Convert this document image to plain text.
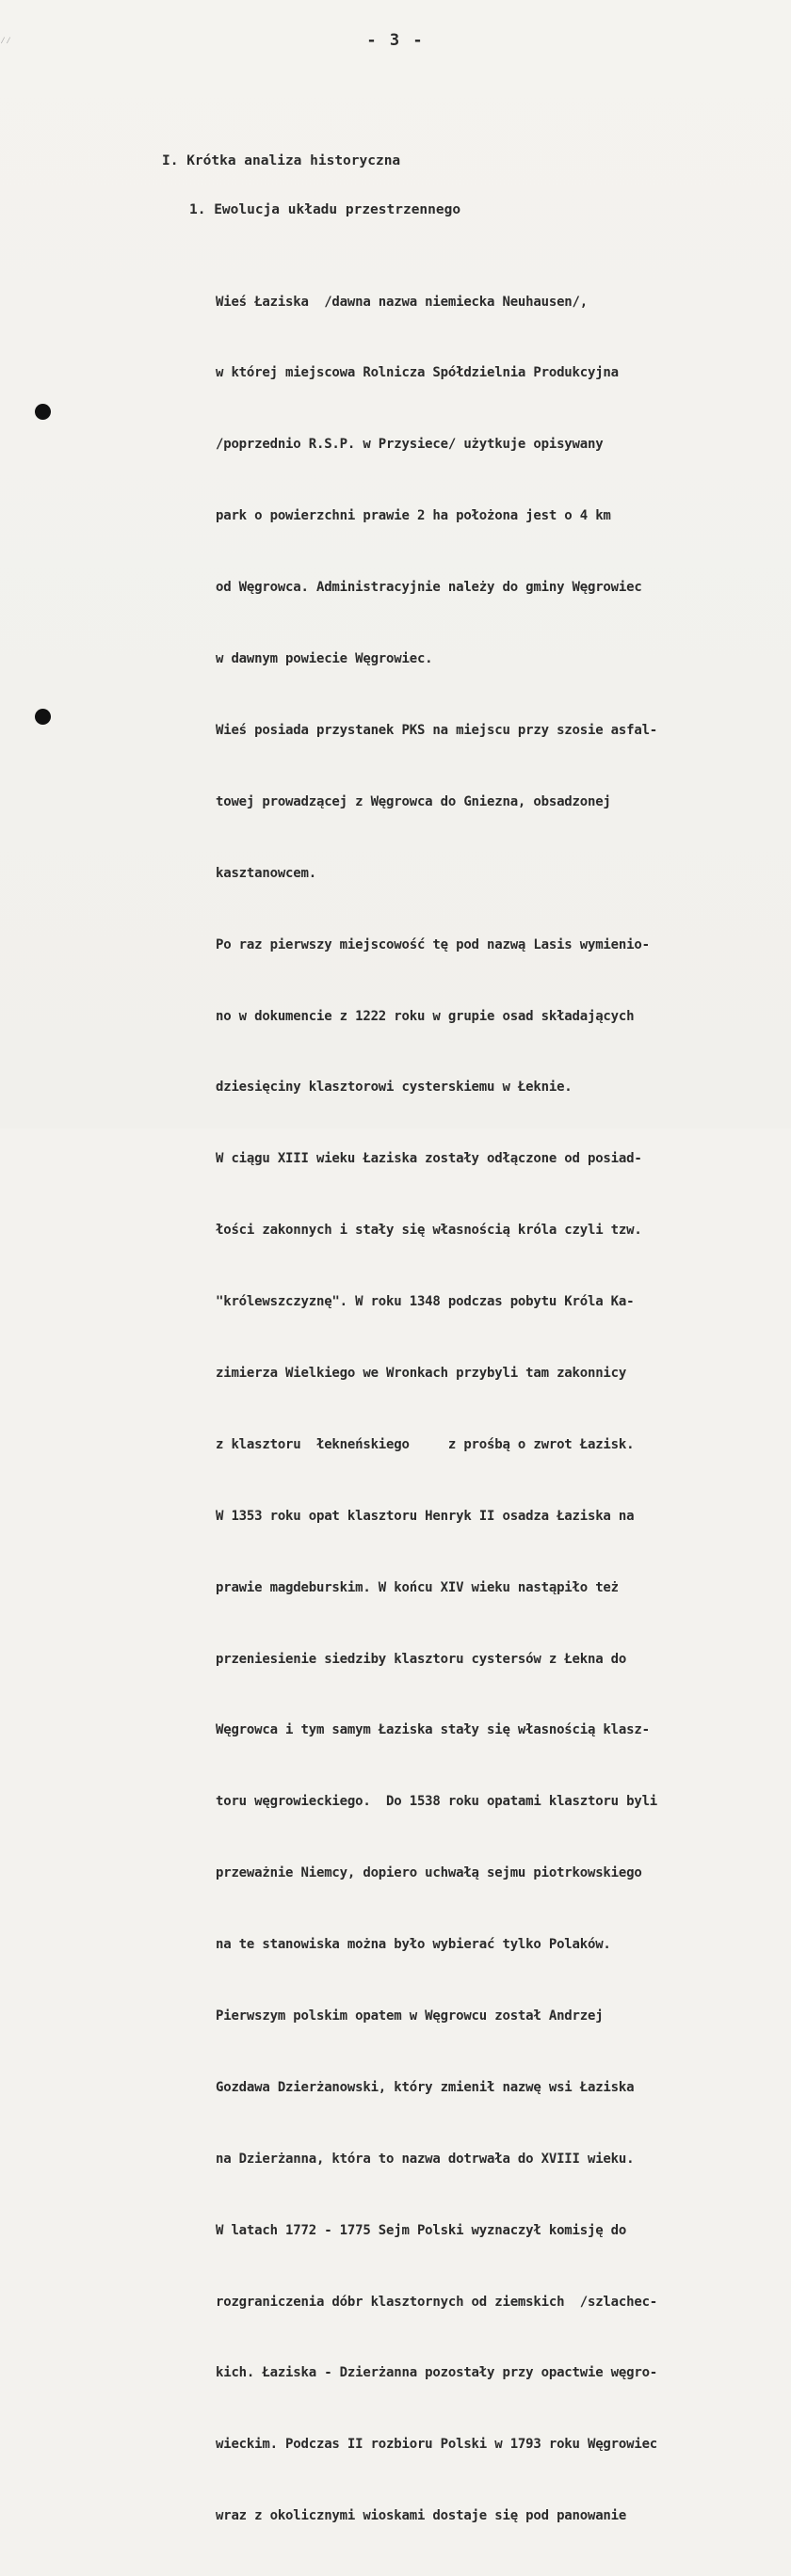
⁄⁄	- 3 -
I. Krótka analiza historyczna
1. Ewolucja układu przestrzennego

Wieś Łaziska  /dawna nazwa niemiecka Neuhausen/,

w której miejscowa Rolnicza Spółdzielnia Produkcyjna

/poprzednio R.S.P. w Przysiece/ użytkuje opisywany

park o powierzchni prawie 2 ha położona jest o 4 km

od Węgrowca. Administracyjnie należy do gminy Węgrowiec

w dawnym powiecie Węgrowiec.

Wieś posiada przystanek PKS na miejscu przy szosie asfal-

towej prowadzącej z Węgrowca do Gniezna, obsadzonej

kasztanowcem.

Po raz pierwszy miejscowość tę pod nazwą Lasis wymienio-

no w dokumencie z 1222 roku w grupie osad składających

dziesięciny klasztorowi cysterskiemu w Łeknie.

W ciągu XIII wieku Łaziska zostały odłączone od posiad-

łości zakonnych i stały się własnością króla czyli tzw.

"królewszczyznę". W roku 1348 podczas pobytu Króla Ka-

zimierza Wielkiego we Wronkach przybyli tam zakonnicy

z klasztoru  łekneńskiego     z prośbą o zwrot Łazisk.

W 1353 roku opat klasztoru Henryk II osadza Łaziska na

prawie magdeburskim. W końcu XIV wieku nastąpiło też

przeniesienie siedziby klasztoru cystersów z Łekna do

Węgrowca i tym samym Łaziska stały się własnością klasz-

toru węgrowieckiego.  Do 1538 roku opatami klasztoru byli

przeważnie Niemcy, dopiero uchwałą sejmu piotrkowskiego

na te stanowiska można było wybierać tylko Polaków.

Pierwszym polskim opatem w Węgrowcu został Andrzej

Gozdawa Dzierżanowski, który zmienił nazwę wsi Łaziska

na Dzierżanna, która to nazwa dotrwała do XVIII wieku.

W latach 1772 - 1775 Sejm Polski wyznaczył komisję do

rozgraniczenia dóbr klasztornych od ziemskich  /szlachec-

kich. Łaziska - Dzierżanna pozostały przy opactwie węgro-

wieckim. Podczas II rozbioru Polski w 1793 roku Węgrowiec

wraz z okolicznymi wioskami dostaje się pod panowanie
